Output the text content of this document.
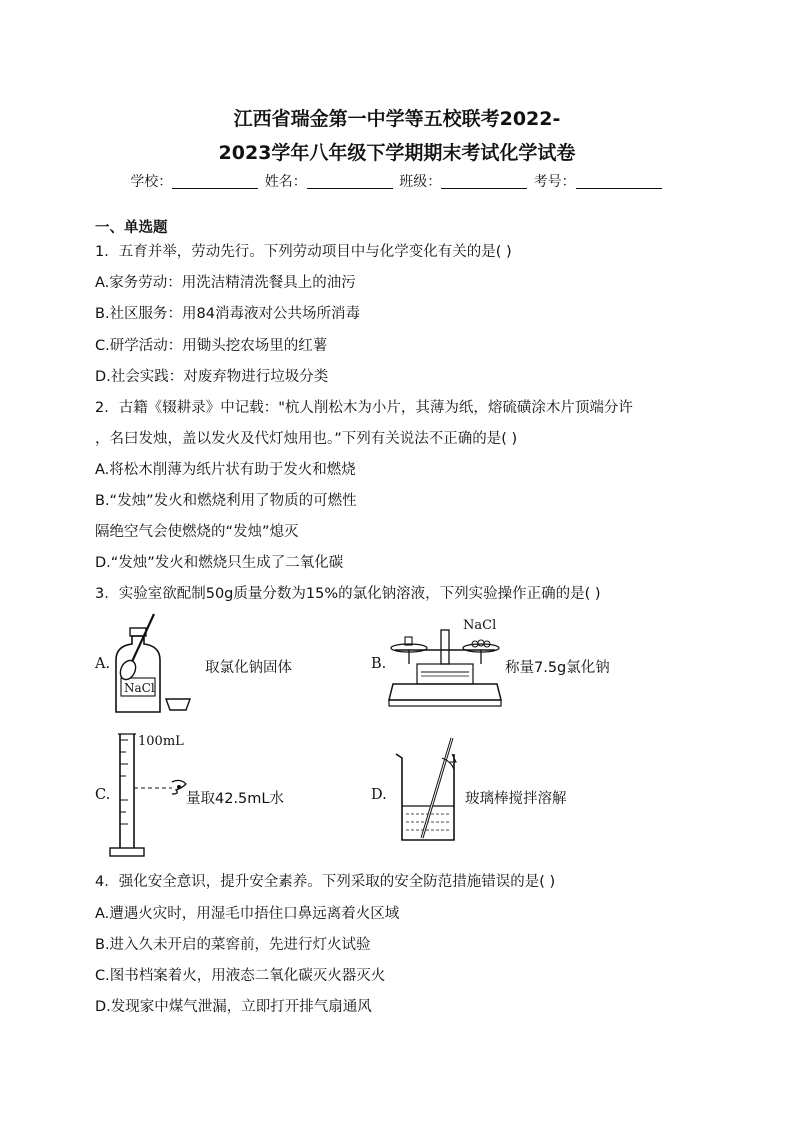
江西省瑞金第一中学等五校联考2022-
2023学年八年级下学期期末考试化学试卷
学校：	姓名：	班级：	考号：
一、单选题
1．五育并举，劳动先行。下列劳动项目中与化学变化有关的是( )
A.家务劳动：用洗洁精清洗餐具上的油污
B.社区服务：用84消毒液对公共场所消毒
C.研学活动：用锄头挖农场里的红薯
D.社会实践：对废弃物进行垃圾分类
2．古籍《辍耕录》中记载："杭人削松木为小片，其薄为纸，熔硫磺涂木片顶端分许
，名曰发烛，盖以发火及代灯烛用也。”下列有关说法不正确的是( )
A.将松木削薄为纸片状有助于发火和燃烧
B.“发烛”发火和燃烧利用了物质的可燃性
隔绝空气会使燃烧的“发烛”熄灭
D.“发烛”发火和燃烧只生成了二氧化碳
3．实验室欲配制50g质量分数为15%的氯化钠溶液，下列实验操作正确的是( )
A.
NaCl
取氯化钠固体	B.
NaCl
称量7.5g氯化钠
C.
100mL
量取42.5mL水	D.	玻璃棒搅拌溶解
4．强化安全意识，提升安全素养。下列采取的安全防范措施错误的是( )
A.遭遇火灾时，用湿毛巾捂住口鼻远离着火区域
B.进入久未开启的菜窖前，先进行灯火试验
C.图书档案着火，用液态二氧化碳灭火器灭火
D.发现家中煤气泄漏，立即打开排气扇通风
